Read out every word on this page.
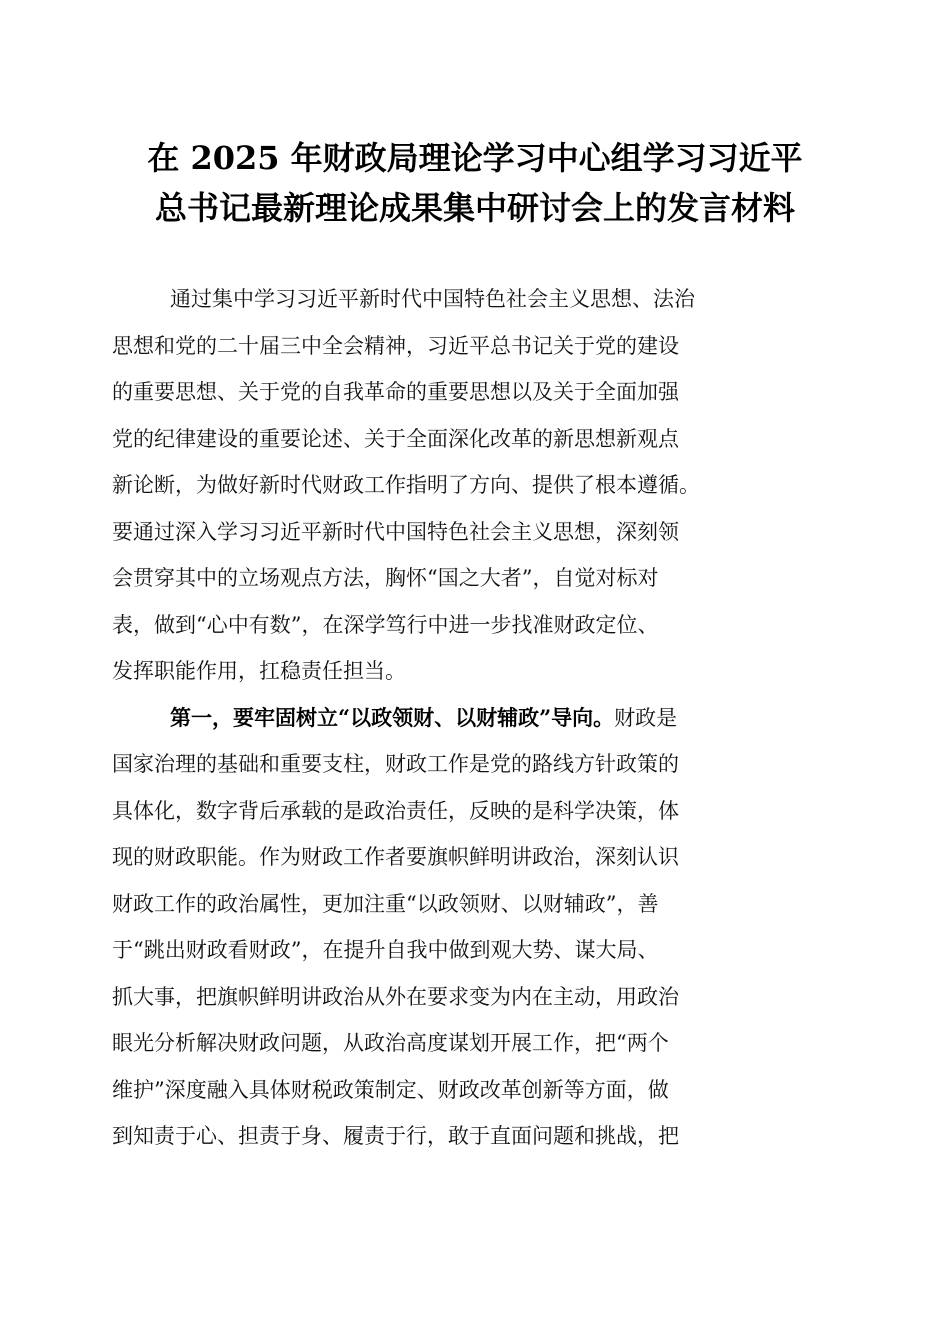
在 2025 年财政局理论学习中心组学习习近平
总书记最新理论成果集中研讨会上的发言材料
通过集中学习习近平新时代中国特色社会主义思想、法治
思想和党的二十届三中全会精神，习近平总书记关于党的建设
的重要思想、关于党的自我革命的重要思想以及关于全面加强
党的纪律建设的重要论述、关于全面深化改革的新思想新观点
新论断，为做好新时代财政工作指明了方向、提供了根本遵循。
要通过深入学习习近平新时代中国特色社会主义思想，深刻领
会贯穿其中的立场观点方法，胸怀“国之大者”，自觉对标对
表，做到“心中有数”，在深学笃行中进一步找准财政定位、
发挥职能作用，扛稳责任担当。
第一，要牢固树立“以政领财、以财辅政”导向。财政是
国家治理的基础和重要支柱，财政工作是党的路线方针政策的
具体化，数字背后承载的是政治责任，反映的是科学决策，体
现的财政职能。作为财政工作者要旗帜鲜明讲政治，深刻认识
财政工作的政治属性，更加注重“以政领财、以财辅政”，善
于“跳出财政看财政”，在提升自我中做到观大势、谋大局、
抓大事，把旗帜鲜明讲政治从外在要求变为内在主动，用政治
眼光分析解决财政问题，从政治高度谋划开展工作，把“两个
维护”深度融入具体财税政策制定、财政改革创新等方面，做
到知责于心、担责于身、履责于行，敢于直面问题和挑战，把
